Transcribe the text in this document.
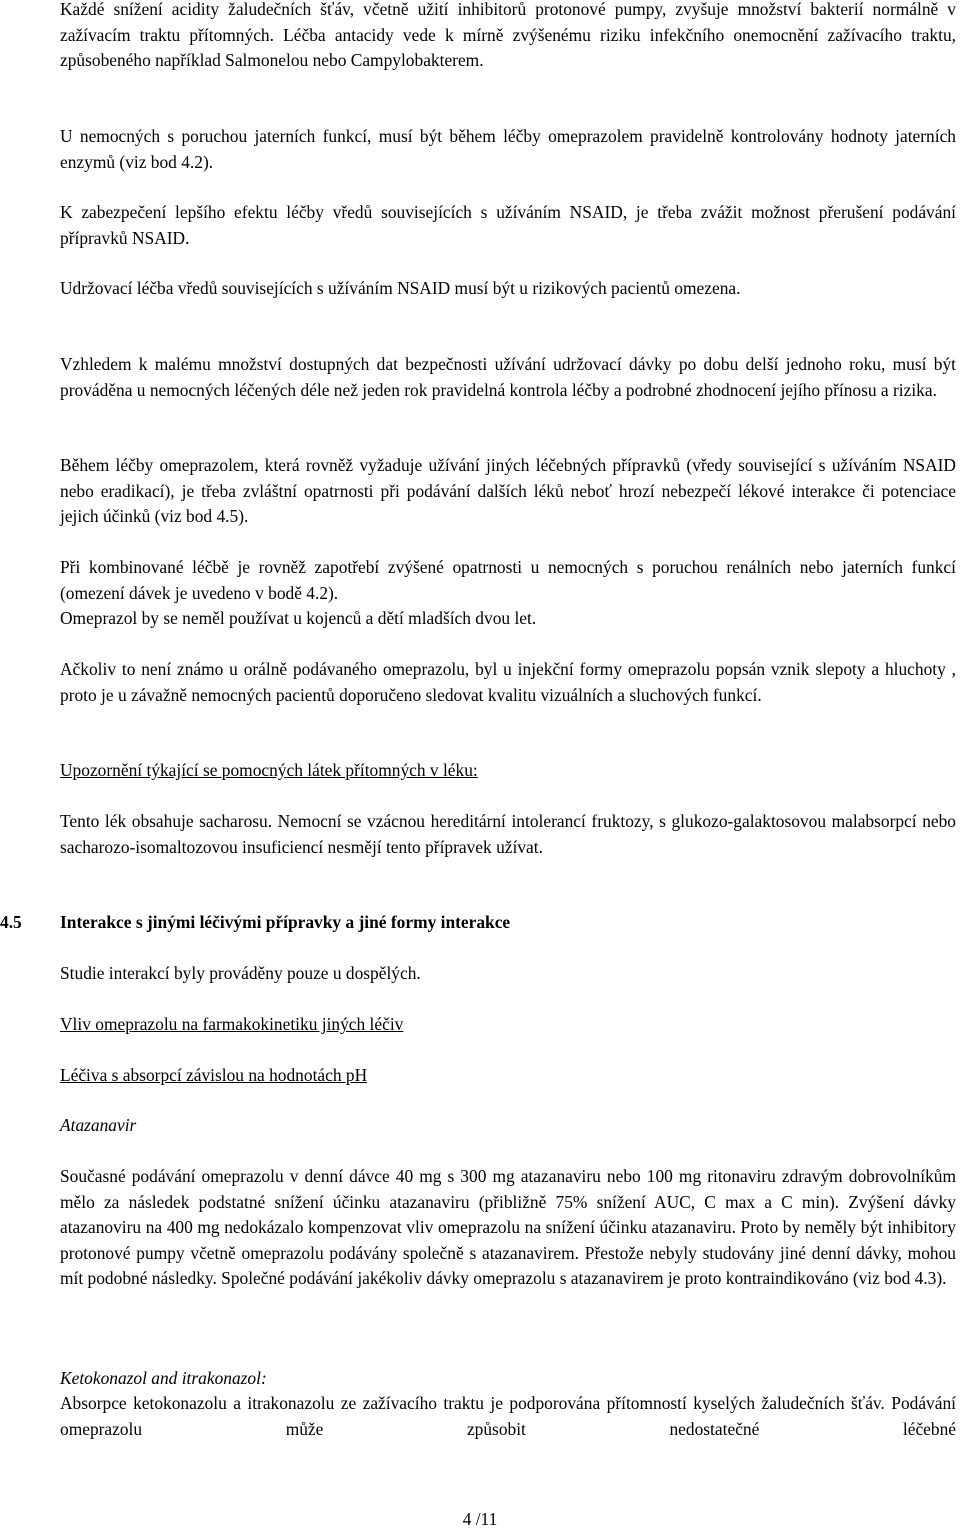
Každé snížení acidity žaludečních šťáv, včetně užití inhibitorů protonové pumpy, zvyšuje množství bakterií normálně v zažívacím traktu přítomných. Léčba antacidy vede k mírně zvýšenému riziku infekčního onemocnění zažívacího traktu, způsobeného například Salmonelou nebo Campylobakterem.

U nemocných s poruchou jaterních funkcí, musí být během léčby omeprazolem pravidelně kontrolovány hodnoty jaterních enzymů (viz bod 4.2).

K zabezpečení lepšího efektu léčby vředů souvisejících s užíváním NSAID, je třeba zvážit možnost přerušení podávání přípravků NSAID.

Udržovací léčba vředů souvisejících s užíváním NSAID musí být u rizikových pacientů omezena.

Vzhledem k malému množství dostupných dat bezpečnosti užívání udržovací dávky po dobu delší jednoho roku, musí být prováděna u nemocných léčených déle než jeden rok pravidelná kontrola léčby a podrobné zhodnocení jejího přínosu a rizika.

Během léčby omeprazolem, která rovněž vyžaduje užívání jiných léčebných přípravků (vředy související s užíváním NSAID nebo eradikací), je třeba zvláštní opatrnosti při podávání dalších léků neboť hrozí nebezpečí lékové interakce či potenciace jejich účinků (viz bod 4.5).

Při kombinované léčbě je rovněž zapotřebí zvýšené opatrnosti u nemocných s poruchou renálních nebo jaterních funkcí (omezení dávek je uvedeno v bodě 4.2).

Omeprazol by se neměl používat u kojenců a dětí mladších dvou let.

Ačkoliv to není známo u orálně podávaného omeprazolu, byl u injekční formy omeprazolu popsán vznik slepoty a hluchoty , proto je u závažně nemocných pacientů doporučeno sledovat kvalitu vizuálních a sluchových funkcí.

Upozornění týkající se pomocných látek přítomných v léku:

Tento lék obsahuje sacharosu. Nemocní se vzácnou hereditární intolerancí fruktozy, s glukozo-galaktosovou malabsorpcí nebo sacharozo-isomaltozovou insuficiencí nesmějí tento přípravek užívat.

4.5 Interakce s jinými léčivými přípravky a jiné formy interakce

Studie interakcí byly prováděny pouze u dospělých.

Vliv omeprazolu na farmakokinetiku jiných léčiv

Léčiva s absorpcí závislou na hodnotách pH

Atazanavir

Současné podávání omeprazolu v denní dávce 40 mg s 300 mg atazanaviru nebo 100 mg ritonaviru zdravým dobrovolníkům mělo za následek podstatné snížení účinku atazanaviru (přibližně 75% snížení AUC, C max a C min). Zvýšení dávky atazanoviru na 400 mg nedokázalo kompenzovat vliv omeprazolu na snížení účinku atazanaviru. Proto by neměly být inhibitory protonové pumpy včetně omeprazolu podávány společně s atazanavirem. Přestože nebyly studovány jiné denní dávky, mohou mít podobné následky. Společné podávání jakékoliv dávky omeprazolu s atazanavirem je proto kontraindikováno (viz bod 4.3).

Ketokonazol and itrakonazol:

Absorpce ketokonazolu a itrakonazolu ze zažívacího traktu je podporována přítomností kyselých žaludečních šťáv. Podávání omeprazolu může způsobit nedostatečné léčebné

4 /11
